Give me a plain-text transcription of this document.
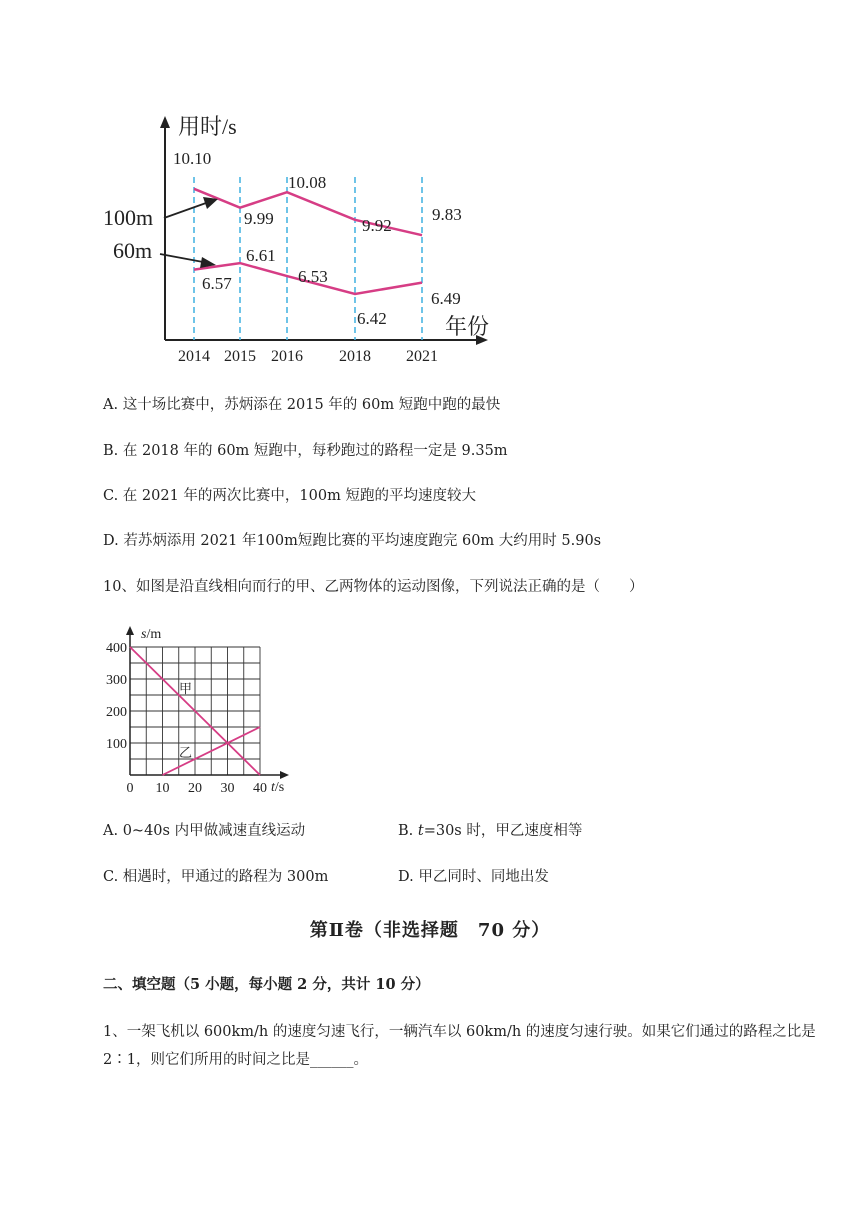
用时/s
年份
2014 2015 2016 2018 2021
10.10
9.99
10.08
9.92
9.83
6.57
6.61
6.53
6.42
6.49
100m
60m
A. 这十场比赛中，苏炳添在 2015 年的 60m 短跑中跑的最快
B. 在 2018 年的 60m 短跑中，每秒跑过的路程一定是 9.35m
C. 在 2021 年的两次比赛中，100m 短跑的平均速度较大
D. 若苏炳添用 2021 年100m短跑比赛的平均速度跑完 60m 大约用时 5.90s
10、如图是沿直线相向而行的甲、乙两物体的运动图像，下列说法正确的是（　　）
0 10 20 30 40
100
200
300
400
s/m
t/s
甲
乙
A. 0~40s 内甲做减速直线运动	B. t=30s 时，甲乙速度相等
C. 相遇时，甲通过的路程为 300m	D. 甲乙同时、同地出发
第Ⅱ卷（非选择题　70 分）
二、填空题（5 小题，每小题 2 分，共计 10 分）
1、一架飞机以 600km/h 的速度匀速飞行，一辆汽车以 60km/h 的速度匀速行驶。如果它们通过的路程之比是 2∶1，则它们所用的时间之比是______。
